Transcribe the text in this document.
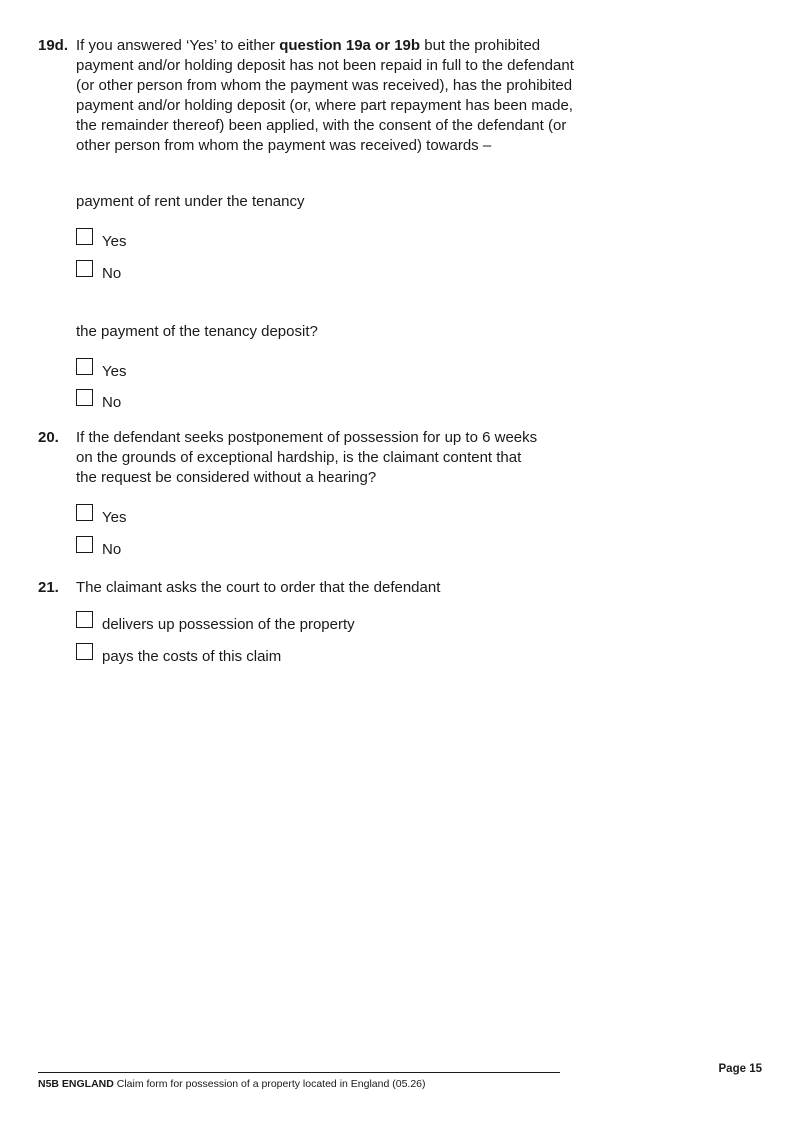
19d. If you answered ‘Yes’ to either question 19a or 19b but the prohibited payment and/or holding deposit has not been repaid in full to the defendant (or other person from whom the payment was received), has the prohibited payment and/or holding deposit (or, where part repayment has been made, the remainder thereof) been applied, with the consent of the defendant (or other person from whom the payment was received) towards –
payment of rent under the tenancy
Yes
No
the payment of the tenancy deposit?
Yes
No
20. If the defendant seeks postponement of possession for up to 6 weeks on the grounds of exceptional hardship, is the claimant content that the request be considered without a hearing?
Yes
No
21. The claimant asks the court to order that the defendant
delivers up possession of the property
pays the costs of this claim
Page 15
N5B ENGLAND Claim form for possession of a property located in England (05.26)
